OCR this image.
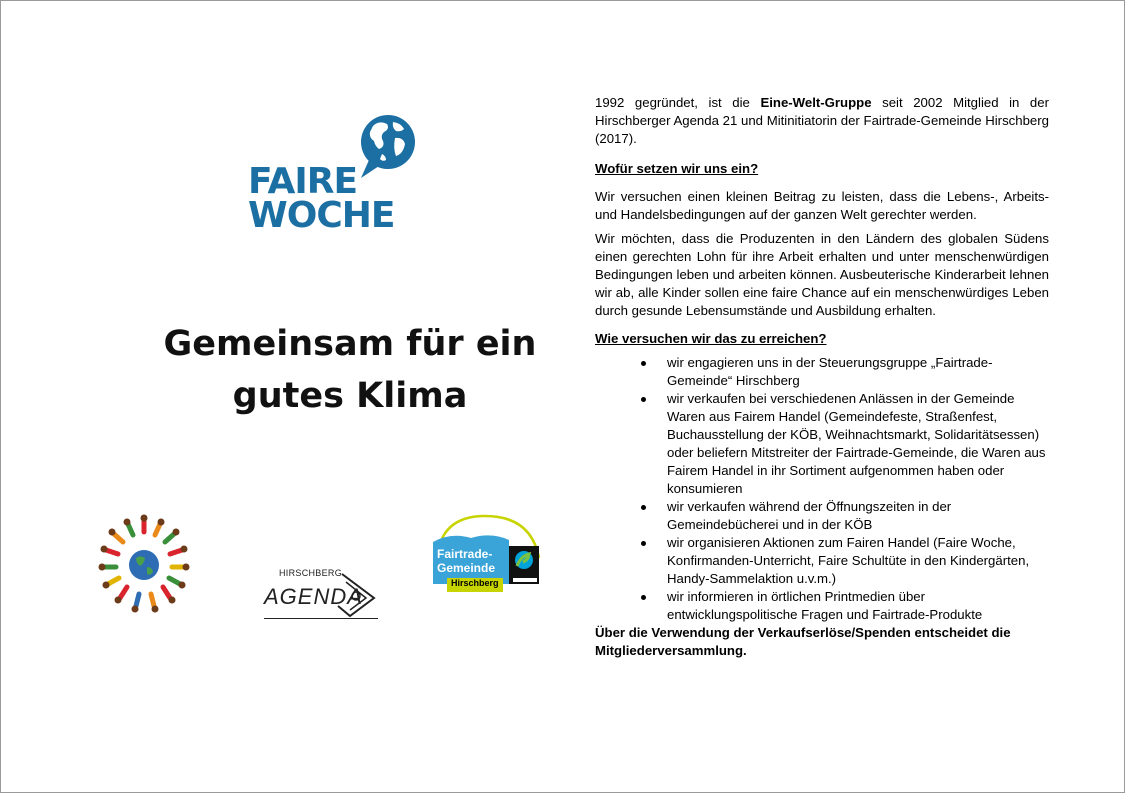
FAIRE
WOCHE
Gemeinsam für ein
gutes Klima
HIRSCHBERG
AGENDA
Fairtrade-
Gemeinde
Hirschberg

1992 gegründet, ist die Eine-Welt-Gruppe seit 2002 Mitglied in der Hirschberger Agenda 21 und Mitinitiatorin der Fairtrade-Gemeinde Hirschberg (2017).

Wofür setzen wir uns ein?

Wir versuchen einen kleinen Beitrag zu leisten, dass die Lebens-, Arbeits- und Handelsbedingungen auf der ganzen Welt gerechter werden.

Wir möchten, dass die Produzenten in den Ländern des globalen Südens einen gerechten Lohn für ihre Arbeit erhalten und unter menschenwürdigen Bedingungen leben und arbeiten können. Ausbeuterische Kinderarbeit lehnen wir ab, alle Kinder sollen eine faire Chance auf ein menschenwürdiges Leben durch gesunde Lebensumstände und Ausbildung erhalten.

Wie versuchen wir das zu erreichen?

wir engagieren uns in der Steuerungsgruppe „Fairtrade-Gemeinde“ Hirschberg
wir verkaufen bei verschiedenen Anlässen in der Gemeinde Waren aus Fairem Handel (Gemeindefeste, Straßenfest, Buchausstellung der KÖB, Weihnachtsmarkt, Solidaritätsessen) oder beliefern Mitstreiter der Fairtrade-Gemeinde, die Waren aus Fairem Handel in ihr Sortiment aufgenommen haben oder konsumieren
wir verkaufen während der Öffnungszeiten in der Gemeindebücherei und in der KÖB
wir organisieren Aktionen zum Fairen Handel (Faire Woche, Konfirmanden-Unterricht, Faire Schultüte in den Kindergärten, Handy-Sammelaktion u.v.m.)
wir informieren in örtlichen Printmedien über entwicklungspolitische Fragen und Fairtrade-Produkte

Über die Verwendung der Verkaufserlöse/Spenden entscheidet die Mitgliederversammlung.
